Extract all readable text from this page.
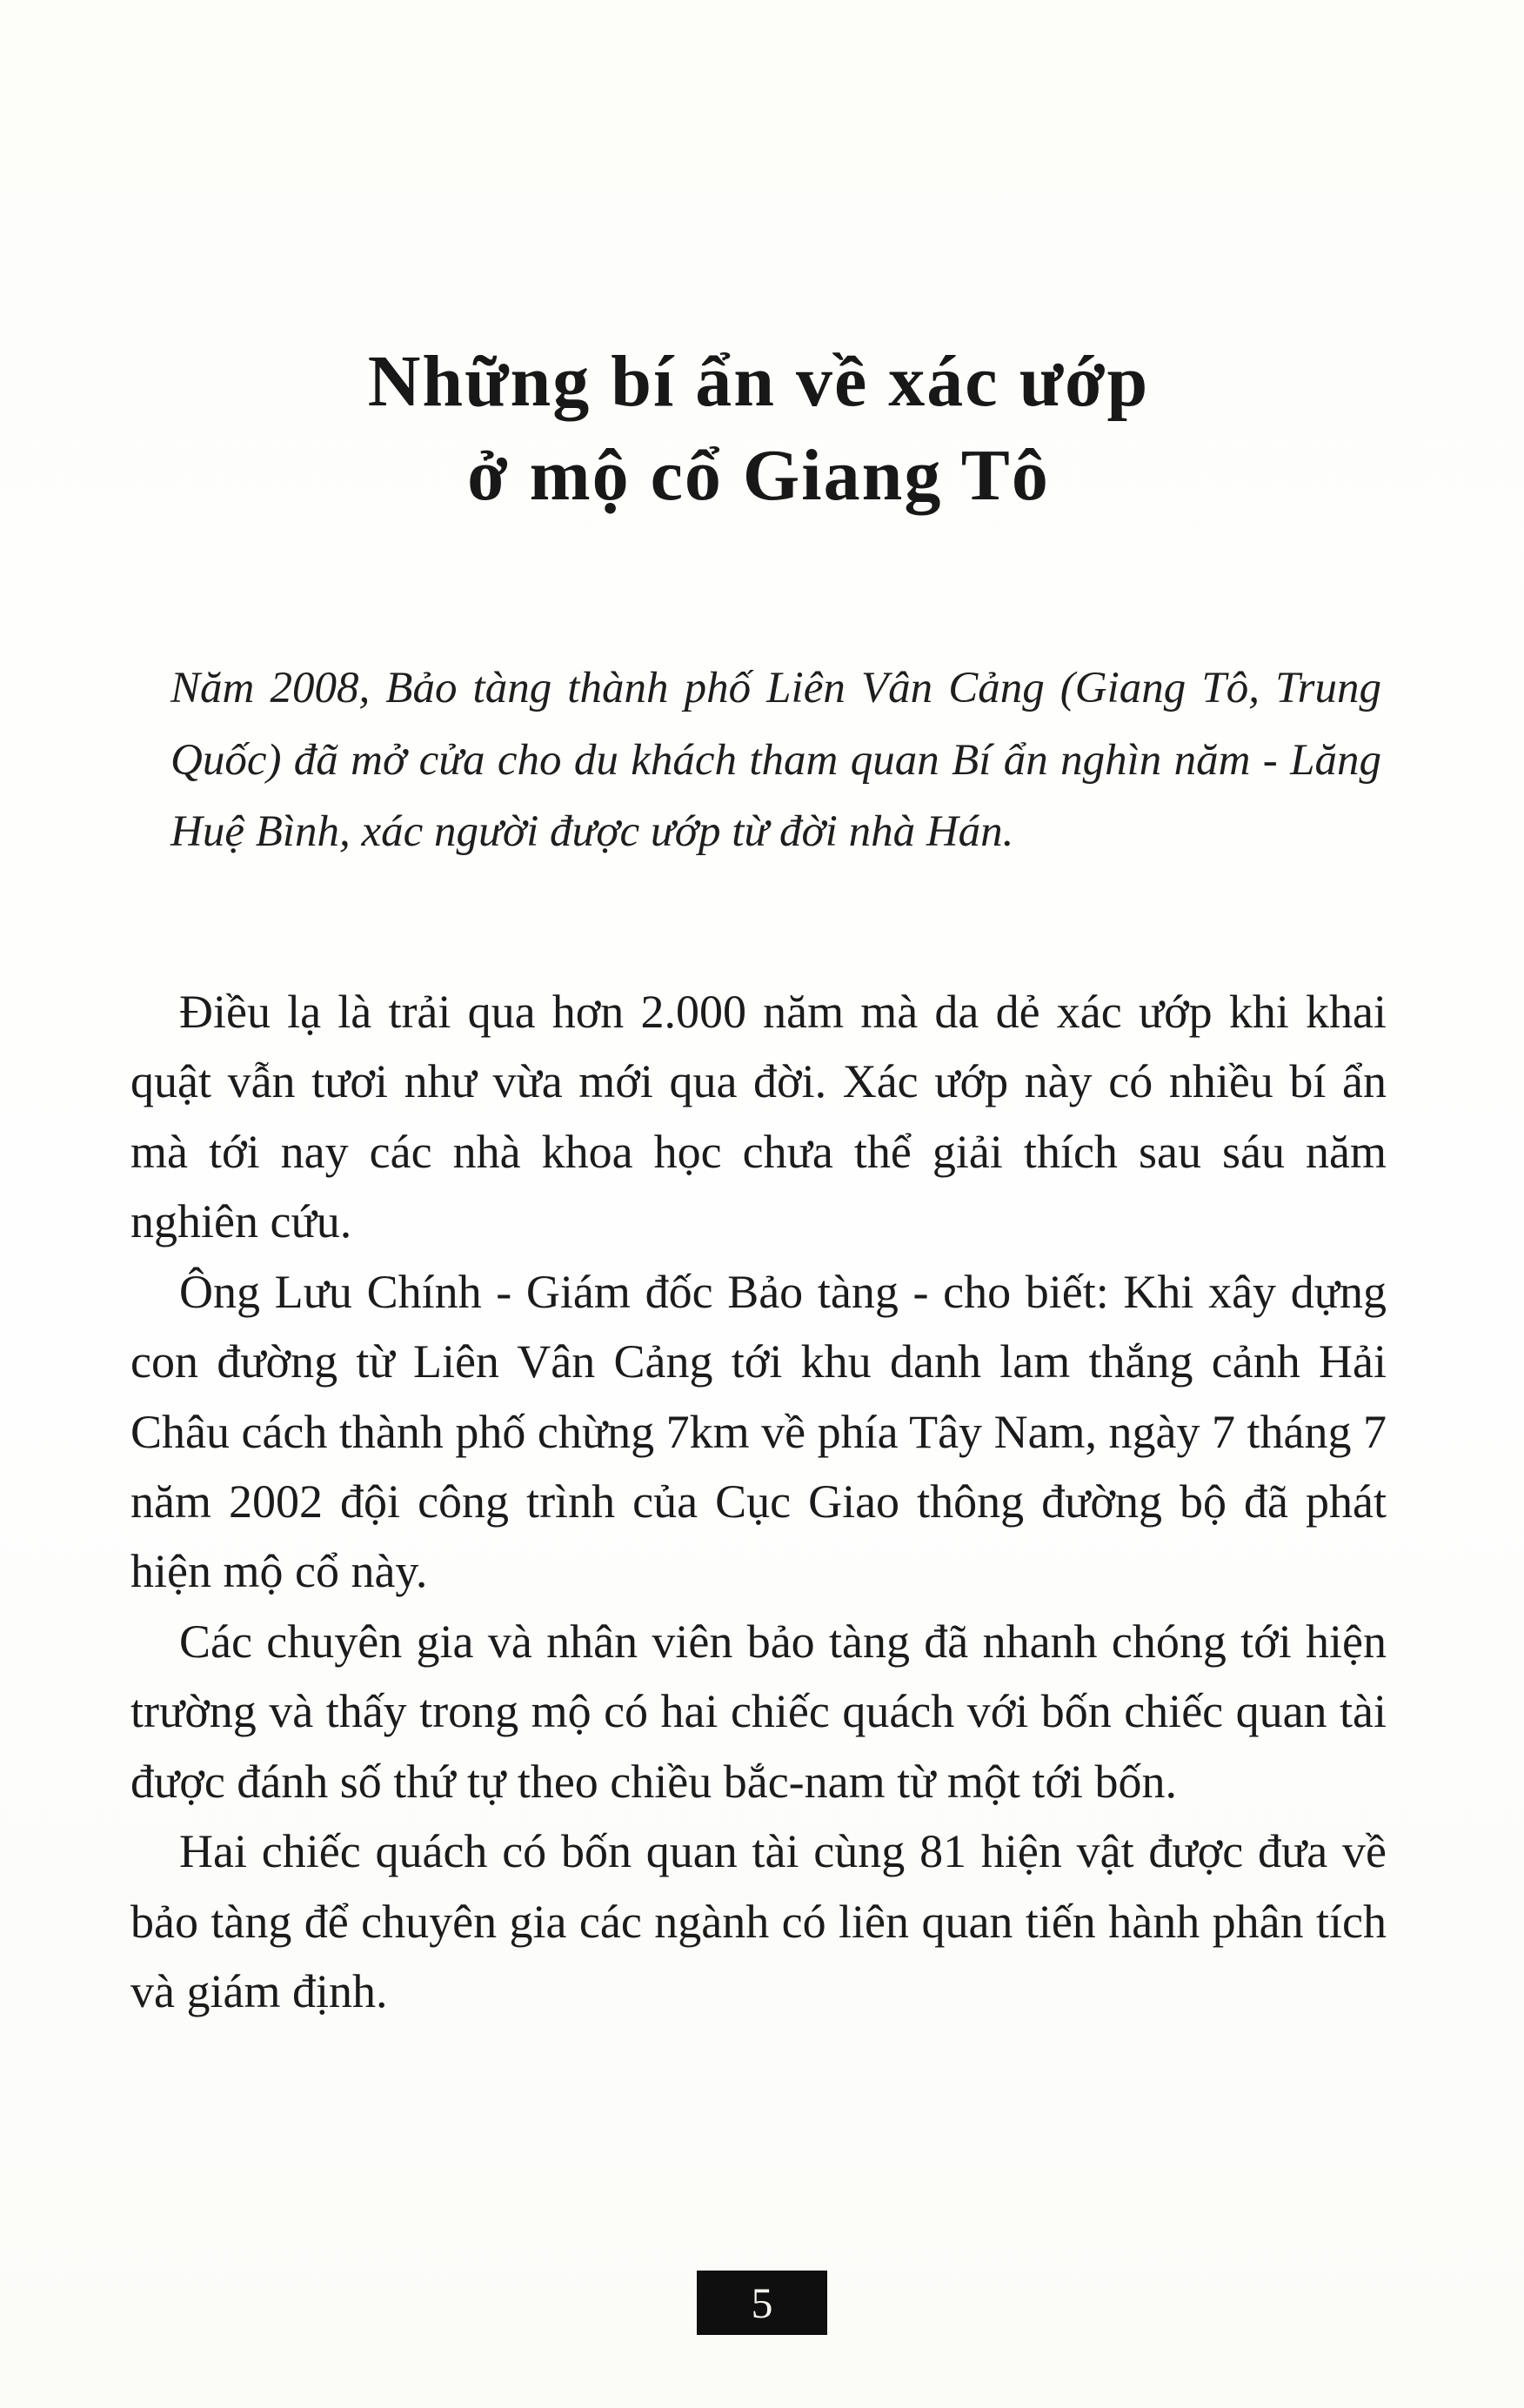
Những bí ẩn về xác ướp
ở mộ cổ Giang Tô

Năm 2008, Bảo tàng thành phố Liên Vân Cảng (Giang Tô, Trung Quốc) đã mở cửa cho du khách tham quan Bí ẩn nghìn năm - Lăng Huệ Bình, xác người được ướp từ đời nhà Hán.

Điều lạ là trải qua hơn 2.000 năm mà da dẻ xác ướp khi khai quật vẫn tươi như vừa mới qua đời. Xác ướp này có nhiều bí ẩn mà tới nay các nhà khoa học chưa thể giải thích sau sáu năm nghiên cứu.

Ông Lưu Chính - Giám đốc Bảo tàng - cho biết: Khi xây dựng con đường từ Liên Vân Cảng tới khu danh lam thắng cảnh Hải Châu cách thành phố chừng 7km về phía Tây Nam, ngày 7 tháng 7 năm 2002 đội công trình của Cục Giao thông đường bộ đã phát hiện mộ cổ này.

Các chuyên gia và nhân viên bảo tàng đã nhanh chóng tới hiện trường và thấy trong mộ có hai chiếc quách với bốn chiếc quan tài được đánh số thứ tự theo chiều bắc-nam từ một tới bốn.

Hai chiếc quách có bốn quan tài cùng 81 hiện vật được đưa về bảo tàng để chuyên gia các ngành có liên quan tiến hành phân tích và giám định.

5
